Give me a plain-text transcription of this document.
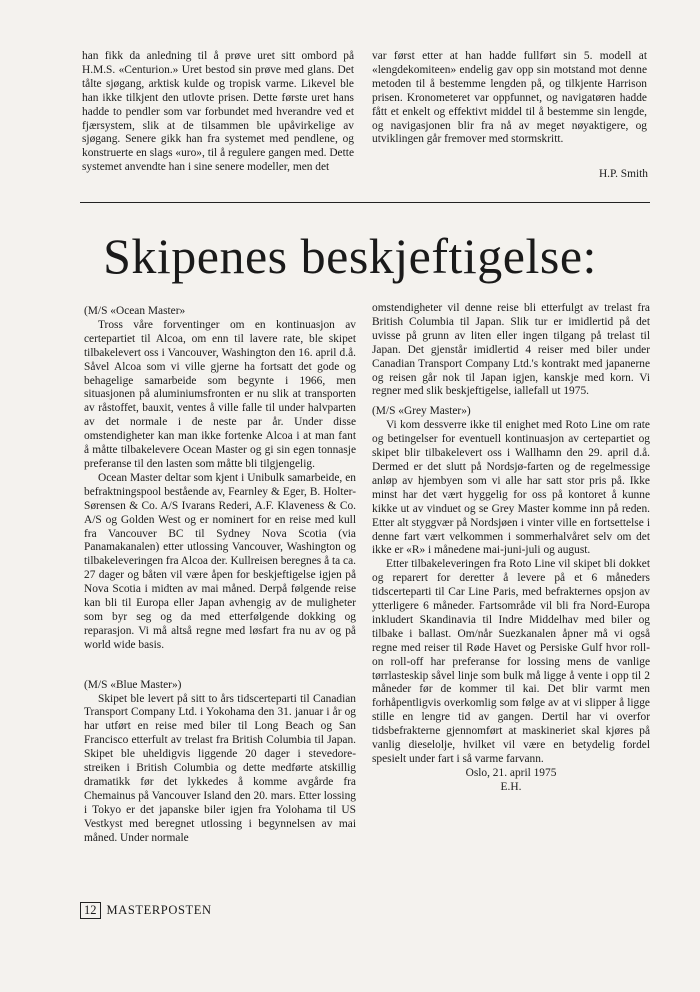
han fikk da anledning til å prøve uret sitt ombord på H.M.S. «Centurion.» Uret bestod sin prøve med glans. Det tålte sjøgang, arktisk kulde og tropisk varme. Likevel ble han ikke tilkjent den utlovte prisen. Dette første uret hans hadde to pendler som var forbundet med hverandre ved et fjærsystem, slik at de tilsammen ble upåvirkelige av sjøgang. Senere gikk han fra systemet med pendlene, og konstruerte en slags «uro», til å regulere gangen med. Dette systemet anvendte han i sine senere modeller, men det

var først etter at han hadde fullført sin 5. modell at «lengdekomiteen» endelig gav opp sin motstand mot denne metoden til å bestemme lengden på, og tilkjente Harrison prisen. Kronometeret var oppfunnet, og navigatøren hadde fått et enkelt og effektivt middel til å bestemme sin lengde, og navigasjonen blir fra nå av meget nøyaktigere, og utviklingen går fremover med stormskritt.

H.P. Smith
Skipenes beskjeftigelse:

(M/S «Ocean Master»

Tross våre forventinger om en kontinuasjon av certepartiet til Alcoa, om enn til lavere rate, ble skipet tilbakelevert oss i Vancouver, Washington den 16. april d.å. Såvel Alcoa som vi ville gjerne ha fortsatt det gode og behagelige samarbeide som begynte i 1966, men situasjonen på aluminiumsfronten er nu slik at transporten av råstoffet, bauxit, ventes å ville falle til under halvparten av det normale i de neste par år. Under disse omstendigheter kan man ikke fortenke Alcoa i at man fant å måtte tilbakelevere Ocean Master og gi sin egen tonnasje preferanse til den lasten som måtte bli tilgjengelig.

Ocean Master deltar som kjent i Unibulk samarbeide, en befraktningspool bestående av, Fearnley & Eger, B. Holter-Sørensen & Co. A/S Ivarans Rederi, A.F. Klaveness & Co. A/S og Golden West og er nominert for en reise med kull fra Vancouver BC til Sydney Nova Scotia (via Panamakanalen) etter utlossing Vancouver, Washington og tilbakeleveringen fra Alcoa der. Kullreisen beregnes å ta ca. 27 dager og båten vil være åpen for beskjeftigelse igjen på Nova Scotia i midten av mai måned. Derpå følgende reise kan bli til Europa eller Japan avhengig av de muligheter som byr seg og da med etterfølgende dokking og reparasjon. Vi må altså regne med løsfart fra nu av og på world wide basis.

(M/S «Blue Master»)

Skipet ble levert på sitt to års tidscerteparti til Canadian Transport Company Ltd. i Yokohama den 31. januar i år og har utført en reise med biler til Long Beach og San Francisco etterfult av trelast fra British Columbia til Japan. Skipet ble uheldigvis liggende 20 dager i stevedore-streiken i British Columbia og dette medførte atskillig dramatikk før det lykkedes å komme avgårde fra Chemainus på Vancouver Island den 20. mars. Etter lossing i Tokyo er det japanske biler igjen fra Yolohama til US Vestkyst med beregnet utlossing i begynnelsen av mai måned. Under normale

omstendigheter vil denne reise bli etterfulgt av trelast fra British Columbia til Japan. Slik tur er imidlertid på det uvisse på grunn av liten eller ingen tilgang på trelast til Japan. Det gjenstår imidlertid 4 reiser med biler under Canadian Transport Company Ltd.'s kontrakt med japanerne og reisen går nok til Japan igjen, kanskje med korn. Vi regner med slik beskjeftigelse, iallefall ut 1975.

(M/S «Grey Master»)

Vi kom dessverre ikke til enighet med Roto Line om rate og betingelser for eventuell kontinuasjon av certepartiet og skipet blir tilbakelevert oss i Wallhamn den 29. april d.å. Dermed er det slutt på Nordsjø-farten og de regelmessige anløp av hjembyen som vi alle har satt stor pris på. Ikke minst har det vært hyggelig for oss på kontoret å kunne kikke ut av vinduet og se Grey Master komme inn på reden. Etter alt styggvær på Nordsjøen i vinter ville en fortsettelse i denne fart vært velkommen i sommerhalvåret selv om det ikke er «R» i månedene mai-juni-juli og august.

Etter tilbakeleveringen fra Roto Line vil skipet bli dokket og reparert for deretter å levere på et 6 måneders tidscerteparti til Car Line Paris, med befrakternes opsjon av ytterligere 6 måneder. Fartsområde vil bli fra Nord-Europa inkludert Skandinavia til Indre Middelhav med biler og tilbake i ballast. Om/når Suezkanalen åpner må vi også regne med reiser til Røde Havet og Persiske Gulf hvor roll-on roll-off har preferanse for lossing mens de vanlige tørrlasteskip såvel linje som bulk må ligge å vente i opp til 2 måneder før de kommer til kai. Det blir varmt men forhåpentligvis overkomlig som følge av at vi slipper å ligge stille en lengre tid av gangen. Dertil har vi overfor tidsbefrakterne gjennomført at maskineriet skal kjøres på vanlig dieselolje, hvilket vil være en betydelig fordel spesielt under fart i så varme farvann.

Oslo, 21. april 1975

E.H.

12 MASTERPOSTEN
